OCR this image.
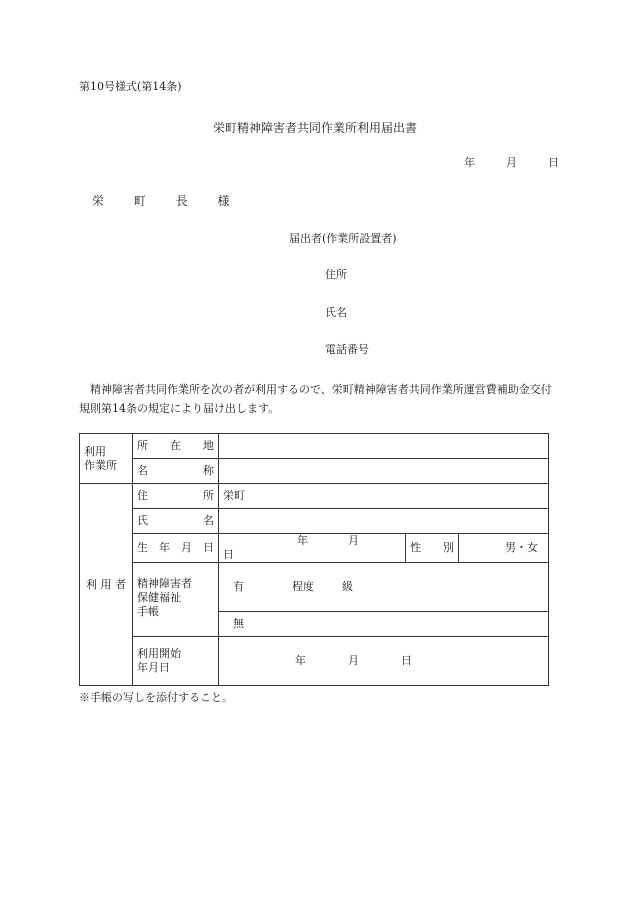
第10号様式(第14条)
栄町精神障害者共同作業所利用届出書
年	月	日
栄 町 長 様
届出者(作業所設置者)
住所
氏名
電話番号
精神障害者共同作業所を次の者が利用するので、栄町精神障害者共同作業所運営費補助金交付規則第14条の規定により届け出します。
利用
作業所	所 在 地			

	名 称			

利 用 者	住 所	栄町		

	氏 名			

	生 年 月 日	年 月日	性 別	男・女

	精神障害者
保健福祉
手帳	有 程度 級		
		無		

	利用開始
年月日	年 月 日		
※手帳の写しを添付すること。
